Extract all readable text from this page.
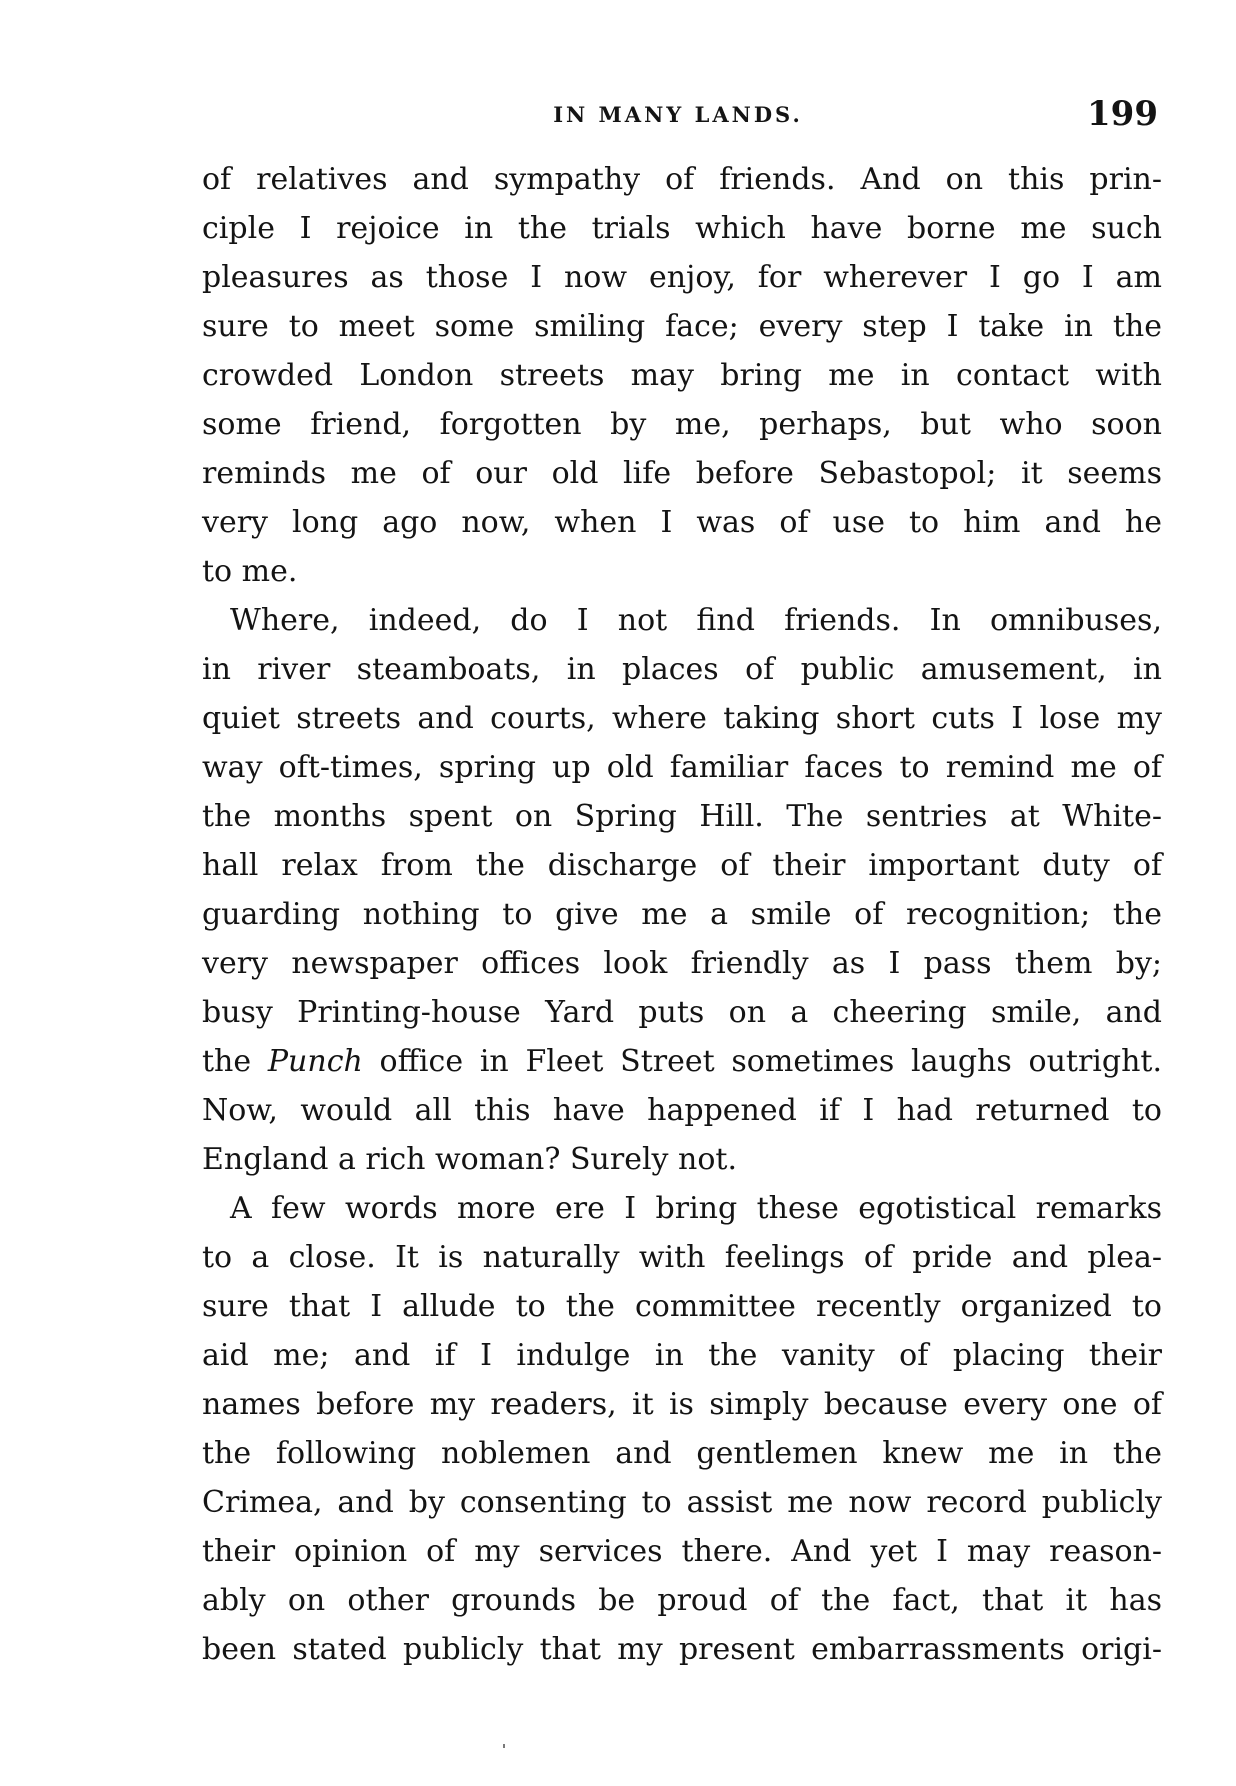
IN MANY LANDS.	199
of relatives and sympathy of friends. And on this prin-
ciple I rejoice in the trials which have borne me such
pleasures as those I now enjoy, for wherever I go I am
sure to meet some smiling face; every step I take in the
crowded London streets may bring me in contact with
some friend, forgotten by me, perhaps, but who soon
reminds me of our old life before Sebastopol; it seems
very long ago now, when I was of use to him and he
to me.
Where, indeed, do I not find friends. In omnibuses,
in river steamboats, in places of public amusement, in
quiet streets and courts, where taking short cuts I lose my
way oft-times, spring up old familiar faces to remind me of
the months spent on Spring Hill. The sentries at White-
hall relax from the discharge of their important duty of
guarding nothing to give me a smile of recognition; the
very newspaper offices look friendly as I pass them by;
busy Printing-house Yard puts on a cheering smile, and
the Punch office in Fleet Street sometimes laughs outright.
Now, would all this have happened if I had returned to
England a rich woman? Surely not.
A few words more ere I bring these egotistical remarks
to a close. It is naturally with feelings of pride and plea-
sure that I allude to the committee recently organized to
aid me; and if I indulge in the vanity of placing their
names before my readers, it is simply because every one of
the following noblemen and gentlemen knew me in the
Crimea, and by consenting to assist me now record publicly
their opinion of my services there. And yet I may reason-
ably on other grounds be proud of the fact, that it has
been stated publicly that my present embarrassments origi-
